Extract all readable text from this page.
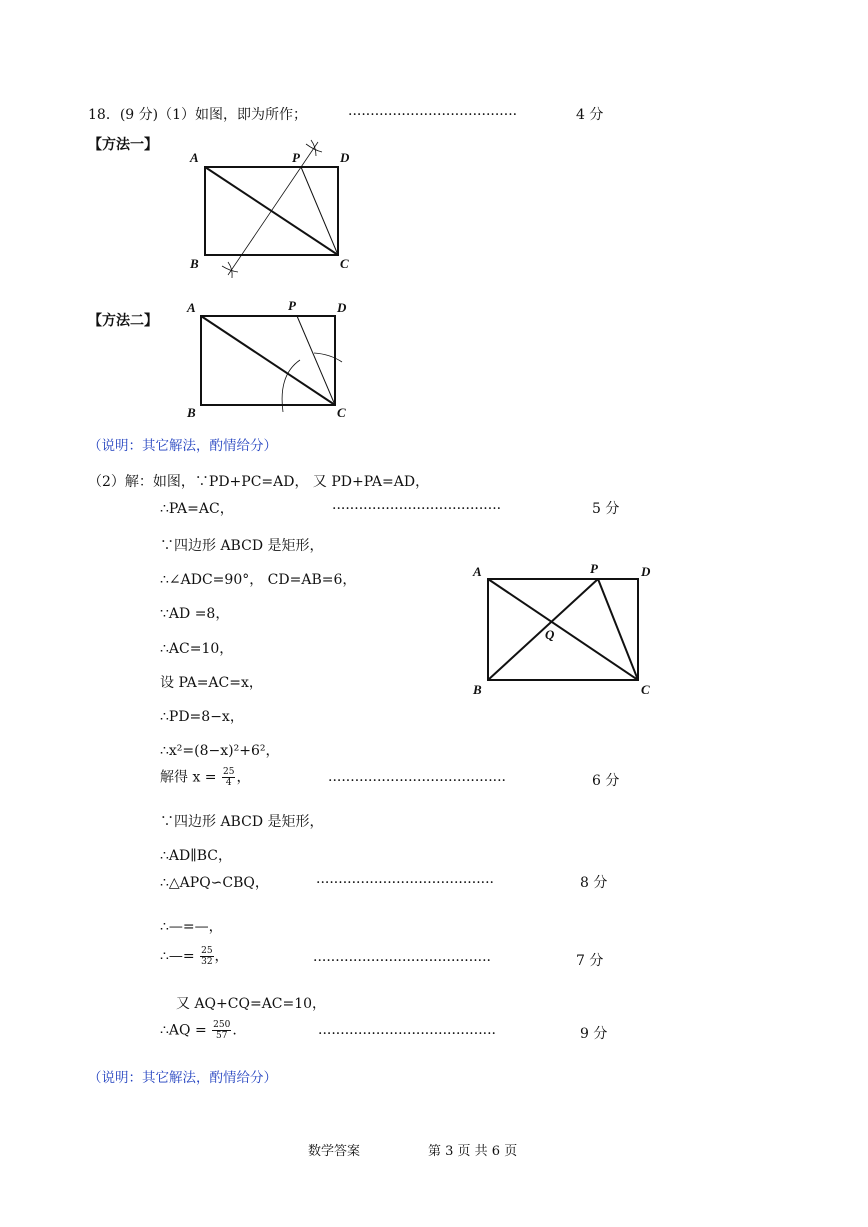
18．(9 分)（1）如图，即为所作；	······································	4 分
【方法一】
A	P	D
B	C
【方法二】
A	P	D
B	C
（说明：其它解法，酌情给分）
（2）解：如图，∵PD+PC=AD， 又 PD+PA=AD，
∴PA=AC，	······································	5 分
∵四边形 ABCD 是矩形，
∴∠ADC=90°， CD=AB=6，
∵AD =8，
∴AC=10，
设 PA=AC=x，
∴PD=8−x，
∴x²=(8−x)²+6²，
解得 $x = \frac{25}{4}$ ，	········································	6 分
∵四边形 ABCD 是矩形，
∴AD∥BC，
∴△APQ∽CBQ，	········································	8 分
∴—=—，
∴—= $\frac{25}{32}$ ，	········································	7 分
又 AQ+CQ=AC=10，
∴AQ = $\frac{250}{57}$ .	········································	9 分
A	P	D
Q
B	C
（说明：其它解法，酌情给分）
数学答案	第 3 页 共 6 页
